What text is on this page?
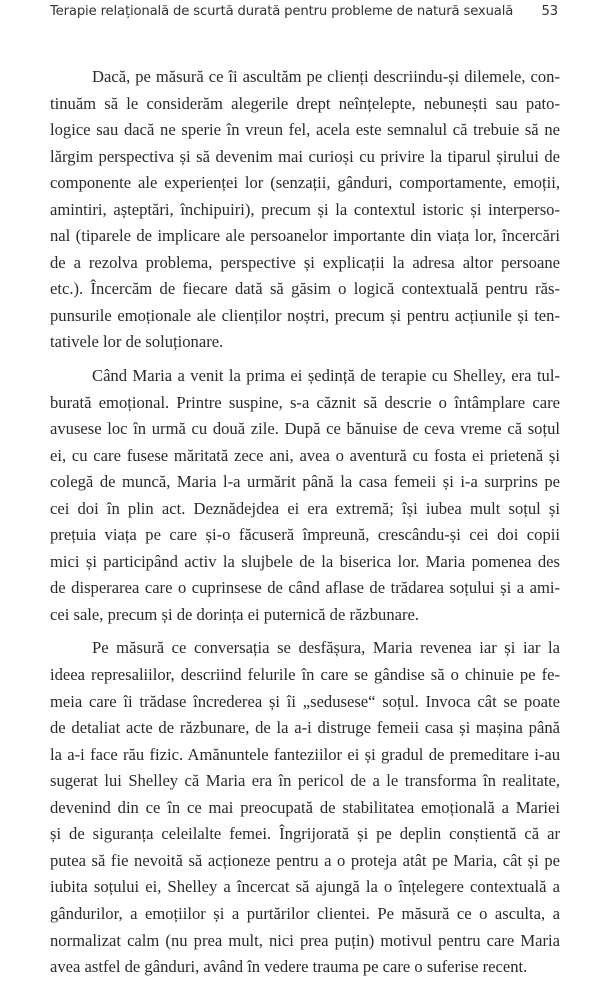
Terapie relațională de scurtă durată pentru probleme de natură sexuală 53
Dacă, pe măsură ce îi ascultăm pe clienți descriindu-și dilemele, con-
tinuăm să le considerăm alegerile drept neînțelepte, nebunești sau pato-
logice sau dacă ne sperie în vreun fel, acela este semnalul că trebuie să ne
lărgim perspectiva și să devenim mai curioși cu privire la tiparul șirului de
componente ale experienței lor (senzații, gânduri, comportamente, emoții,
amintiri, așteptări, închipuiri), precum și la contextul istoric și interperso-
nal (tiparele de implicare ale persoanelor importante din viața lor, încercări
de a rezolva problema, perspective și explicații la adresa altor persoane
etc.). Încercăm de fiecare dată să găsim o logică contextuală pentru răs-
punsurile emoționale ale clienților noștri, precum și pentru acțiunile și ten-
tativele lor de soluționare.
Când Maria a venit la prima ei ședință de terapie cu Shelley, era tul-
burată emoțional. Printre suspine, s-a căznit să descrie o întâmplare care
avusese loc în urmă cu două zile. După ce bănuise de ceva vreme că soțul
ei, cu care fusese măritată zece ani, avea o aventură cu fosta ei prietenă și
colegă de muncă, Maria l-a urmărit până la casa femeii și i-a surprins pe
cei doi în plin act. Deznădejdea ei era extremă; își iubea mult soțul și
prețuia viața pe care și-o făcuseră împreună, crescându-și cei doi copii
mici și participând activ la slujbele de la biserica lor. Maria pomenea des
de disperarea care o cuprinsese de când aflase de trădarea soțului și a ami-
cei sale, precum și de dorința ei puternică de răzbunare.
Pe măsură ce conversația se desfășura, Maria revenea iar și iar la
ideea represaliilor, descriind felurile în care se gândise să o chinuie pe fe-
meia care îi trădase încrederea și îi „sedusese“ soțul. Invoca cât se poate
de detaliat acte de răzbunare, de la a-i distruge femeii casa și mașina până
la a-i face rău fizic. Amănuntele fanteziilor ei și gradul de premeditare i-au
sugerat lui Shelley că Maria era în pericol de a le transforma în realitate,
devenind din ce în ce mai preocupată de stabilitatea emoțională a Mariei
și de siguranța celeilalte femei. Îngrijorată și pe deplin conștientă că ar
putea să fie nevoită să acționeze pentru a o proteja atât pe Maria, cât și pe
iubita soțului ei, Shelley a încercat să ajungă la o înțelegere contextuală a
gândurilor, a emoțiilor și a purtărilor clientei. Pe măsură ce o asculta, a
normalizat calm (nu prea mult, nici prea puțin) motivul pentru care Maria
avea astfel de gânduri, având în vedere trauma pe care o suferise recent.
